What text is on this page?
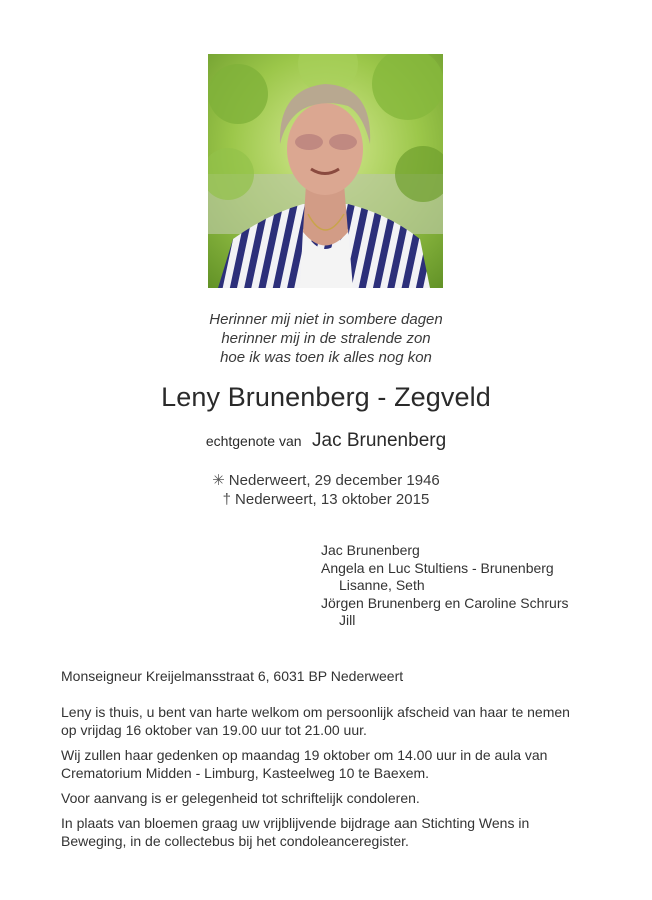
Herinner mij niet in sombere dagen
herinner mij in de stralende zon
hoe ik was toen ik alles nog kon
Leny Brunenberg - Zegveld
echtgenote van Jac Brunenberg
✳ Nederweert, 29 december 1946
† Nederweert, 13 oktober 2015
Jac Brunenberg
Angela en Luc Stultiens - Brunenberg
Lisanne, Seth
Jörgen Brunenberg en Caroline Schrurs
Jill
Monseigneur Kreijelmansstraat 6, 6031 BP Nederweert
Leny is thuis, u bent van harte welkom om persoonlijk afscheid van haar te nemen
op vrijdag 16 oktober van 19.00 uur tot 21.00 uur.
Wij zullen haar gedenken op maandag 19 oktober om 14.00 uur in de aula van
Crematorium Midden - Limburg, Kasteelweg 10 te Baexem.
Voor aanvang is er gelegenheid tot schriftelijk condoleren.
In plaats van bloemen graag uw vrijblijvende bijdrage aan Stichting Wens in
Beweging, in de collectebus bij het condoleanceregister.
